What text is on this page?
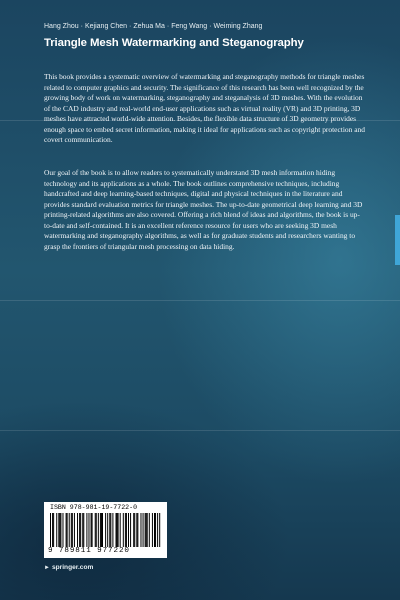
Hang Zhou · Kejiang Chen · Zehua Ma · Feng Wang · Weiming Zhang
Triangle Mesh Watermarking and Steganography

This book provides a systematic overview of watermarking and steganography methods for triangle meshes related to computer graphics and security. The significance of this research has been well recognized by the growing body of work on watermarking, steganography and steganalysis of 3D meshes. With the evolution of the CAD industry and real-world end-user applications such as virtual reality (VR) and 3D printing, 3D meshes have attracted world-wide attention. Besides, the flexible data structure of 3D geometry provides enough space to embed secret information, making it ideal for applications such as copyright protection and covert communication.

Our goal of the book is to allow readers to systematically understand 3D mesh information hiding technology and its applications as a whole. The book outlines comprehensive techniques, including handcrafted and deep learning-based techniques, digital and physical techniques in the literature and provides standard evaluation metrics for triangle meshes. The up-to-date geometrical deep learning and 3D printing-related algorithms are also covered. Offering a rich blend of ideas and algorithms, the book is up-to-date and self-contained. It is an excellent reference resource for users who are seeking 3D mesh watermarking and steganography algorithms, as well as for graduate students and researchers wanting to grasp the frontiers of triangular mesh processing on data hiding.

ISBN 978-981-19-7722-0
9 789811 977220
► springer.com
